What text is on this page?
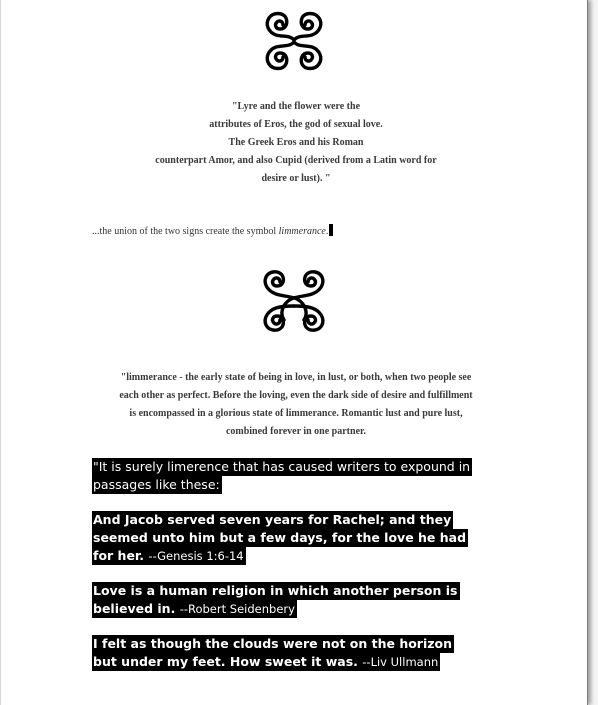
"Lyre and the flower were the
attributes of Eros, the god of sexual love.
The Greek Eros and his Roman
counterpart Amor, and also Cupid (derived from a Latin word for
desire or lust). "
...the union of the two signs create the symbol limmerance.
"limmerance - the early state of being in love, in lust, or both, when two people see
each other as perfect. Before the loving, even the dark side of desire and fulfillment
is encompassed in a glorious state of limmerance. Romantic lust and pure lust,
combined forever in one partner.
"It is surely limerence that has caused writers to expound in
passages like these:
And Jacob served seven years for Rachel; and they
seemed unto him but a few days, for the love he had
for her. --Genesis 1:6-14
Love is a human religion in which another person is
believed in. --Robert Seidenbery
I felt as though the clouds were not on the horizon
but under my feet. How sweet it was. --Liv Ullmann
